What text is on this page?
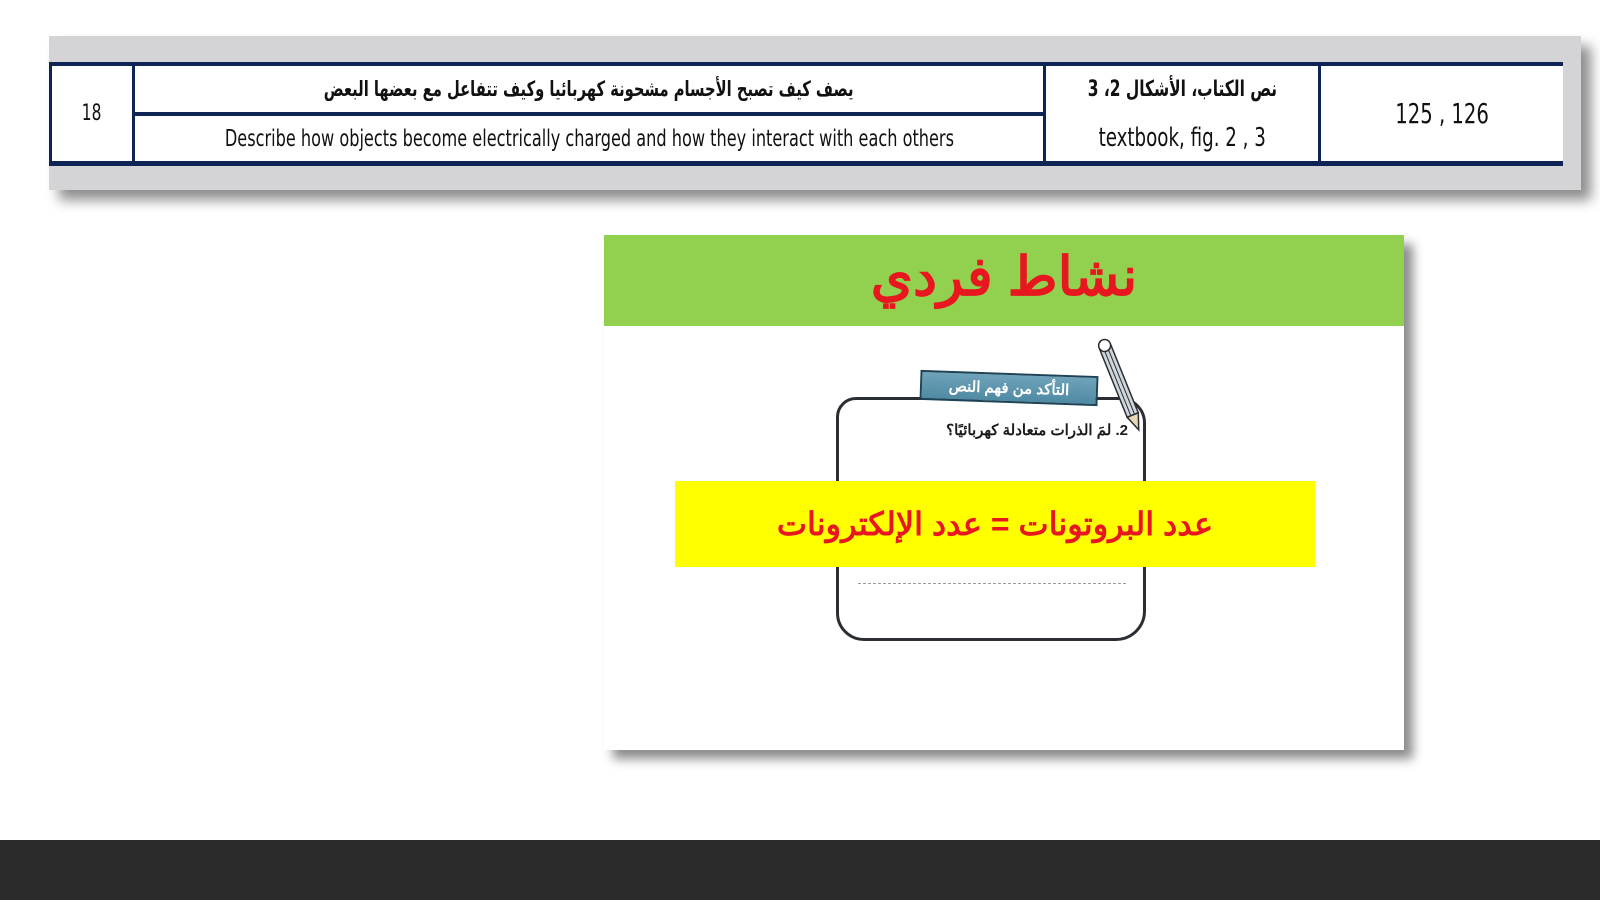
18
يصف كيف تصبح الأجسام مشحونة كهربائيا وكيف تتفاعل مع بعضها البعض
Describe how objects become electrically charged and how they interact with each others
نص الكتاب، الأشكال 2، 3
textbook, fig. 2 , 3
125 , 126
نشاط فردي
التأكد من فهم النص
2. لمَ الذرات متعادلة كهربائيًا؟
عدد البروتونات = عدد الإلكترونات
